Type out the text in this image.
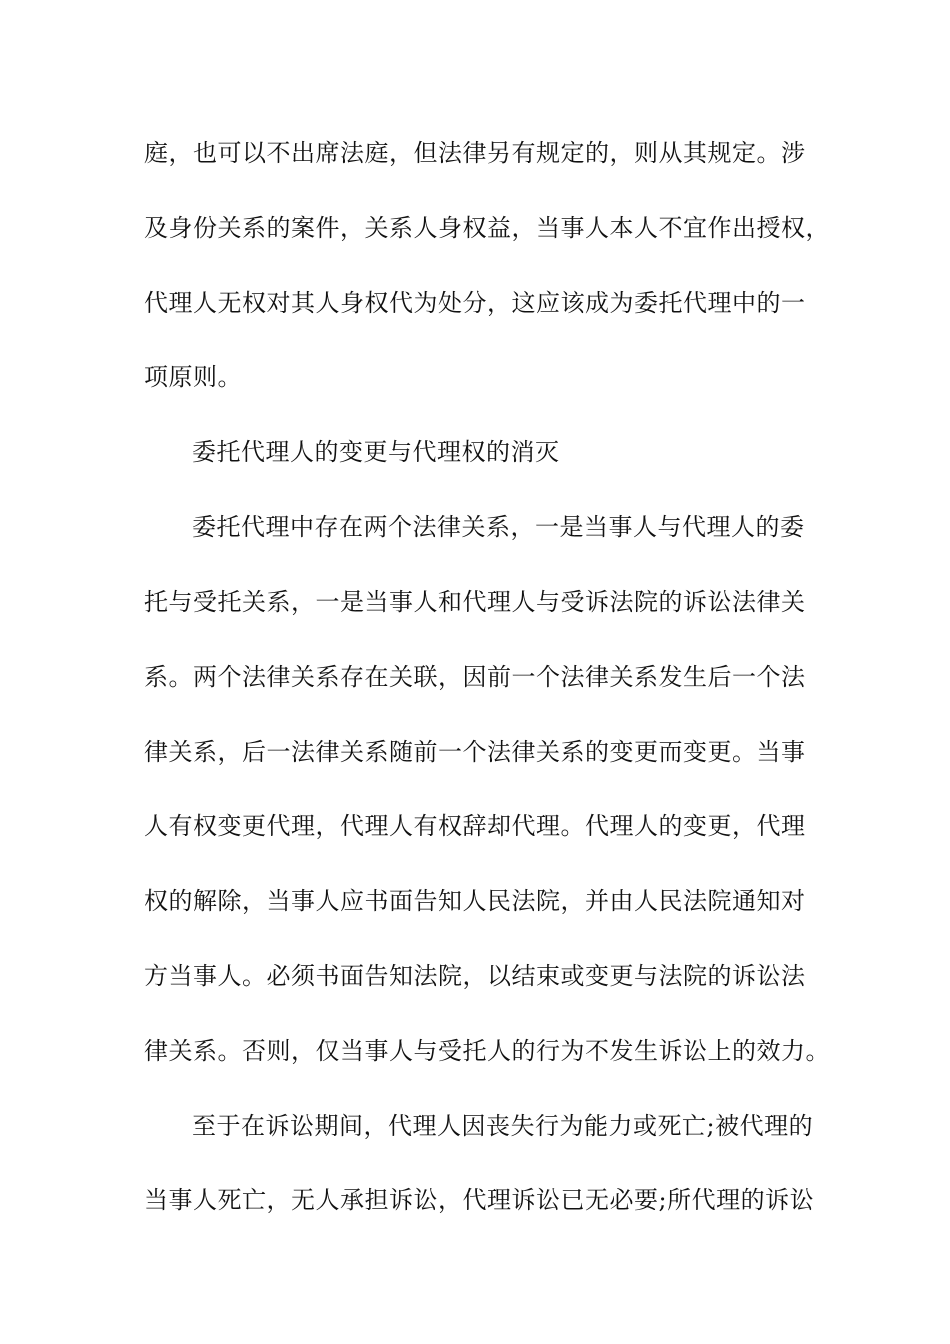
庭，也可以不出席法庭，但法律另有规定的，则从其规定。涉
及身份关系的案件，关系人身权益，当事人本人不宜作出授权，
代理人无权对其人身权代为处分，这应该成为委托代理中的一
项原则。
委托代理人的变更与代理权的消灭
委托代理中存在两个法律关系，一是当事人与代理人的委
托与受托关系，一是当事人和代理人与受诉法院的诉讼法律关
系。两个法律关系存在关联，因前一个法律关系发生后一个法
律关系，后一法律关系随前一个法律关系的变更而变更。当事
人有权变更代理，代理人有权辞却代理。代理人的变更，代理
权的解除，当事人应书面告知人民法院，并由人民法院通知对
方当事人。必须书面告知法院，以结束或变更与法院的诉讼法
律关系。否则，仅当事人与受托人的行为不发生诉讼上的效力。
至于在诉讼期间，代理人因丧失行为能力或死亡;被代理的
当事人死亡，无人承担诉讼，代理诉讼已无必要;所代理的诉讼
